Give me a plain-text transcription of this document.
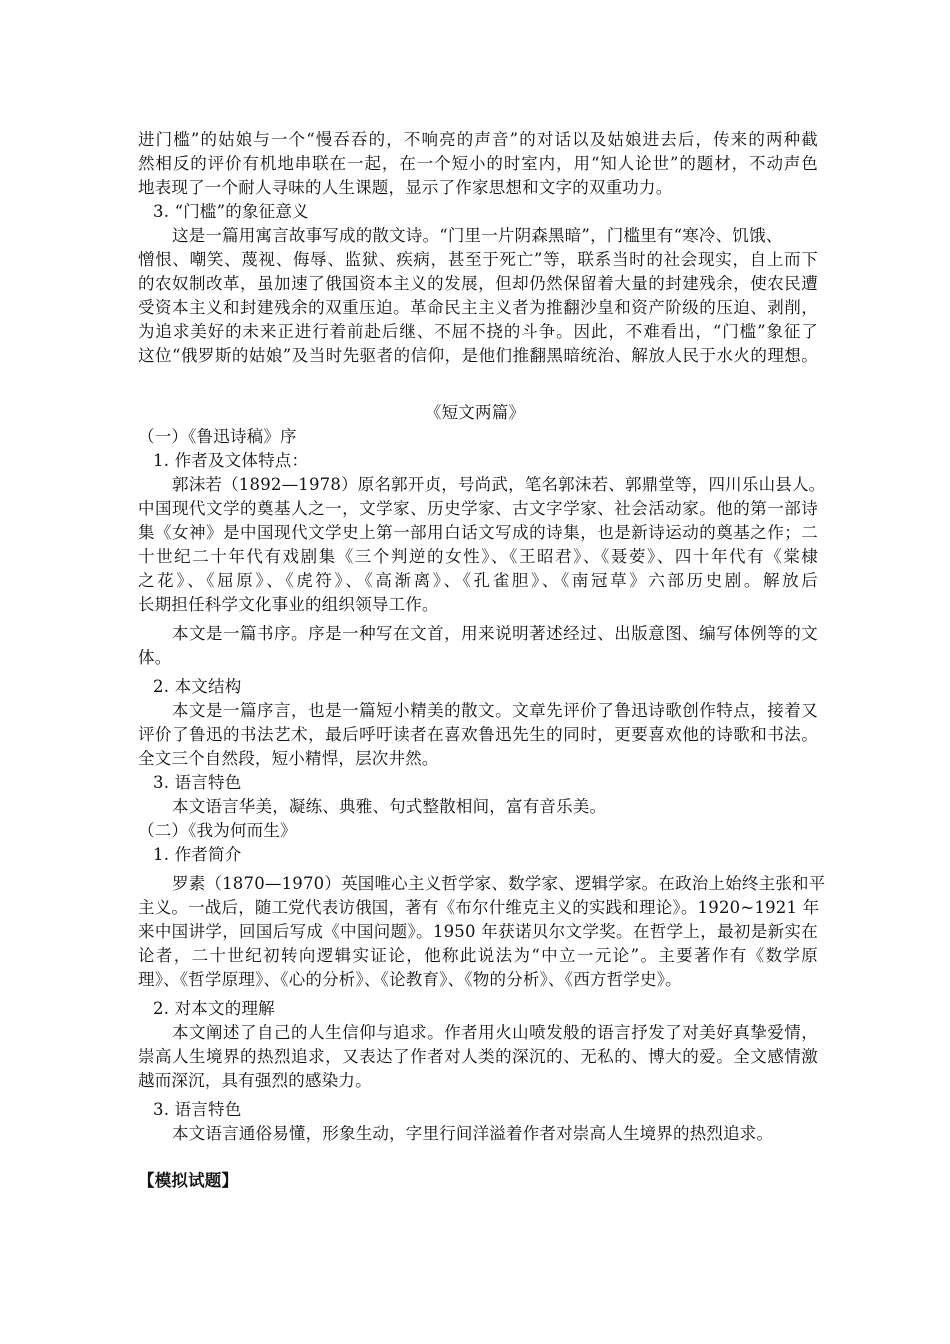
进门槛”的姑娘与一个“慢吞吞的，不响亮的声音”的对话以及姑娘进去后，传来的两种截
然相反的评价有机地串联在一起，在一个短小的时室内，用“知人论世”的题材，不动声色
地表现了一个耐人寻味的人生课题，显示了作家思想和文字的双重功力。
3. “门槛”的象征意义
这是一篇用寓言故事写成的散文诗。“门里一片阴森黑暗”，门槛里有“寒冷、饥饿、
憎恨、嘲笑、蔑视、侮辱、监狱、疾病，甚至于死亡”等，联系当时的社会现实，自上而下
的农奴制改革，虽加速了俄国资本主义的发展，但却仍然保留着大量的封建残余，使农民遭
受资本主义和封建残余的双重压迫。革命民主主义者为推翻沙皇和资产阶级的压迫、剥削，
为追求美好的未来正进行着前赴后继、不屈不挠的斗争。因此，不难看出，“门槛”象征了
这位“俄罗斯的姑娘”及当时先驱者的信仰，是他们推翻黑暗统治、解放人民于水火的理想。
《短文两篇》
（一）《鲁迅诗稿》序
1. 作者及文体特点：
郭沫若（1892—1978）原名郭开贞，号尚武，笔名郭沫若、郭鼎堂等，四川乐山县人。
中国现代文学的奠基人之一，文学家、历史学家、古文字学家、社会活动家。他的第一部诗
集《女神》是中国现代文学史上第一部用白话文写成的诗集，也是新诗运动的奠基之作；二
十世纪二十年代有戏剧集《三个判逆的女性》、《王昭君》、《聂荌》、四十年代有《棠棣
之花》、《屈原》、《虎符》、《高渐离》、《孔雀胆》、《南冠草》六部历史剧。解放后
长期担任科学文化事业的组织领导工作。
本文是一篇书序。序是一种写在文首，用来说明著述经过、出版意图、编写体例等的文
体。
2. 本文结构
本文是一篇序言，也是一篇短小精美的散文。文章先评价了鲁迅诗歌创作特点，接着又
评价了鲁迅的书法艺术，最后呼吁读者在喜欢鲁迅先生的同时，更要喜欢他的诗歌和书法。
全文三个自然段，短小精悍，层次井然。
3. 语言特色
本文语言华美，凝练、典雅、句式整散相间，富有音乐美。
（二）《我为何而生》
1. 作者简介
罗素（1870—1970）英国唯心主义哲学家、数学家、逻辑学家。在政治上始终主张和平
主义。一战后，随工党代表访俄国，著有《布尔什维克主义的实践和理论》。1920~1921 年
来中国讲学，回国后写成《中国问题》。1950 年获诺贝尔文学奖。在哲学上，最初是新实在
论者，二十世纪初转向逻辑实证论，他称此说法为“中立一元论”。主要著作有《数学原
理》、《哲学原理》、《心的分析》、《论教育》、《物的分析》、《西方哲学史》。
2. 对本文的理解
本文阐述了自己的人生信仰与追求。作者用火山喷发般的语言抒发了对美好真挚爱情，
崇高人生境界的热烈追求，又表达了作者对人类的深沉的、无私的、博大的爱。全文感情激
越而深沉，具有强烈的感染力。
3. 语言特色
本文语言通俗易懂，形象生动，字里行间洋溢着作者对崇高人生境界的热烈追求。
【模拟试题】
